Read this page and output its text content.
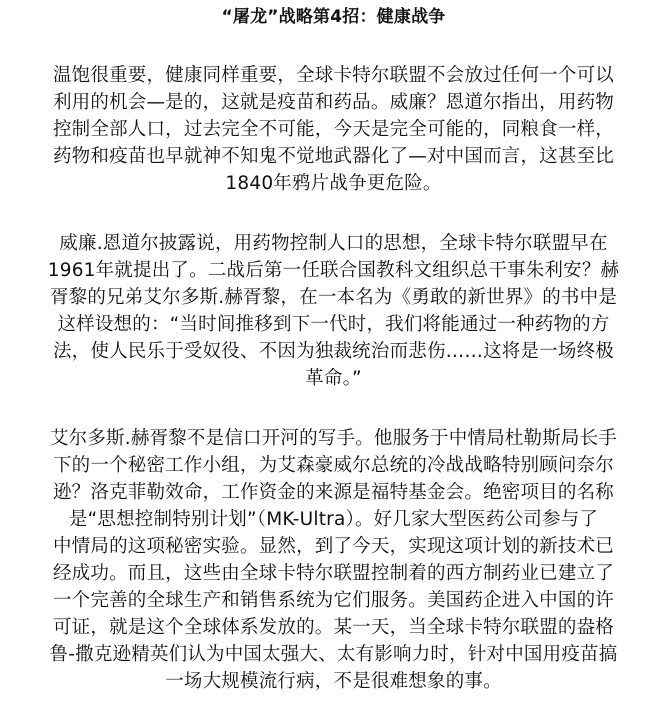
“屠龙”战略第4招：健康战争

温饱很重要，健康同样重要，全球卡特尔联盟不会放过任何一个可以
利用的机会—是的，这就是疫苗和药品。威廉？恩道尔指出，用药物
控制全部人口，过去完全不可能，今天是完全可能的，同粮食一样，
药物和疫苗也早就神不知鬼不觉地武器化了—对中国而言，这甚至比
1840年鸦片战争更危险。

威廉.恩道尔披露说，用药物控制人口的思想，全球卡特尔联盟早在
1961年就提出了。二战后第一任联合国教科文组织总干事朱利安？赫
胥黎的兄弟艾尔多斯.赫胥黎，在一本名为《勇敢的新世界》的书中是
这样设想的：“当时间推移到下一代时，我们将能通过一种药物的方
法，使人民乐于受奴役、不因为独裁统治而悲伤……这将是一场终极
革命。”

艾尔多斯.赫胥黎不是信口开河的写手。他服务于中情局杜勒斯局长手
下的一个秘密工作小组，为艾森豪威尔总统的冷战战略特别顾问奈尔
逊？洛克菲勒效命，工作资金的来源是福特基金会。绝密项目的名称
是“思想控制特别计划”（MK-Ultra）。好几家大型医药公司参与了
中情局的这项秘密实验。显然，到了今天，实现这项计划的新技术已
经成功。而且，这些由全球卡特尔联盟控制着的西方制药业已建立了
一个完善的全球生产和销售系统为它们服务。美国药企进入中国的许
可证，就是这个全球体系发放的。某一天，当全球卡特尔联盟的盎格
鲁-撒克逊精英们认为中国太强大、太有影响力时，针对中国用疫苗搞
一场大规模流行病，不是很难想象的事。
